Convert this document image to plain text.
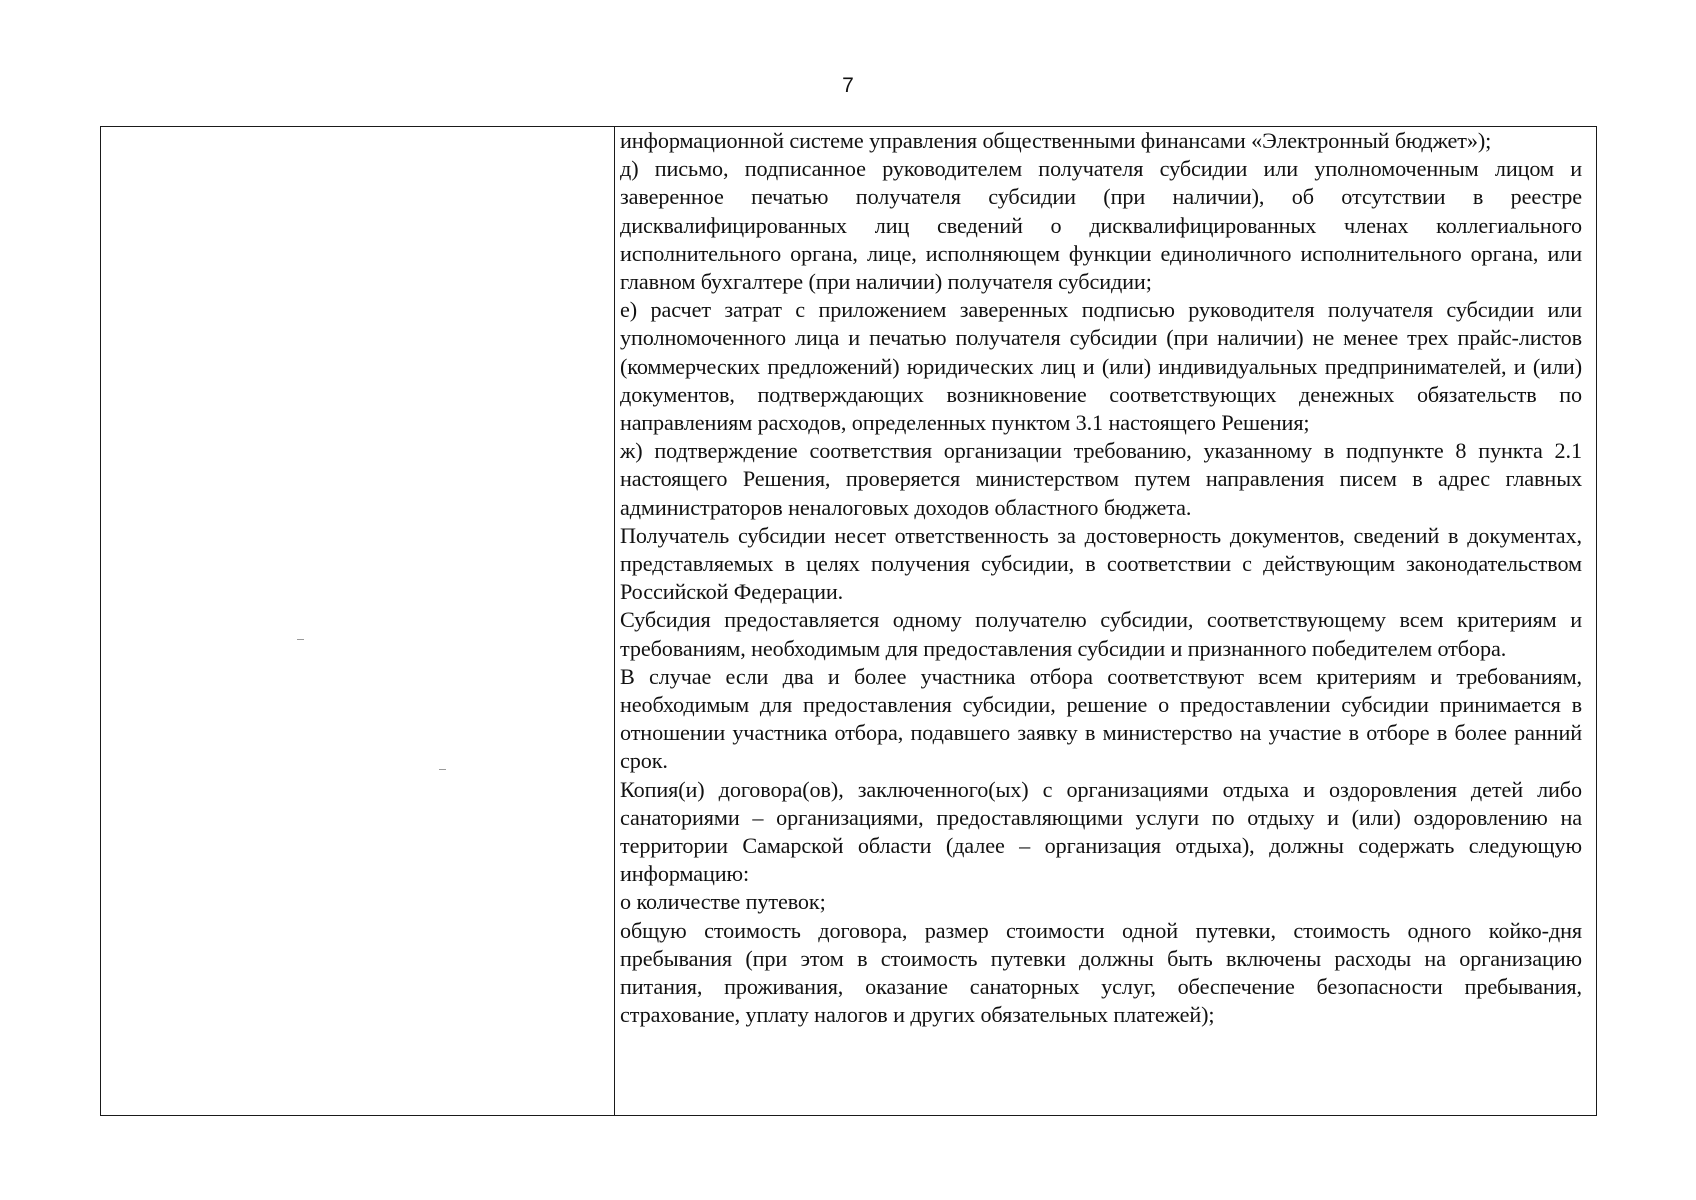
7

информационной системе управления общественными финансами «Электронный бюджет»);

д) письмо, подписанное руководителем получателя субсидии или уполномоченным лицом и заверенное печатью получателя субсидии (при наличии), об отсутствии в реестре дисквалифицированных лиц сведений о дисквалифицированных членах коллегиального исполнительного органа, лице, исполняющем функции единоличного исполнительного органа, или главном бухгалтере (при наличии) получателя субсидии;

е) расчет затрат с приложением заверенных подписью руководителя получателя субсидии или уполномоченного лица и печатью получателя субсидии (при наличии) не менее трех прайс-листов (коммерческих предложений) юридических лиц и (или) индивидуальных предпринимателей, и (или) документов, подтверждающих возникновение соответствующих денежных обязательств по направлениям расходов, определенных пунктом 3.1 настоящего Решения;

ж) подтверждение соответствия организации требованию, указанному в подпункте 8 пункта 2.1 настоящего Решения, проверяется министерством путем направления писем в адрес главных администраторов неналоговых доходов областного бюджета.

Получатель субсидии несет ответственность за достоверность документов, сведений в документах, представляемых в целях получения субсидии, в соответствии с действующим законодательством Российской Федерации.

Субсидия предоставляется одному получателю субсидии, соответствующему всем критериям и требованиям, необходимым для предоставления субсидии и признанного победителем отбора.

В случае если два и более участника отбора соответствуют всем критериям и требованиям, необходимым для предоставления субсидии, решение о предоставлении субсидии принимается в отношении участника отбора, подавшего заявку в министерство на участие в отборе в более ранний срок.

Копия(и) договора(ов), заключенного(ых) с организациями отдыха и оздоровления детей либо санаториями – организациями, предоставляющими услуги по отдыху и (или) оздоровлению на территории Самарской области (далее – организация отдыха), должны содержать следующую информацию:

о количестве путевок;

общую стоимость договора, размер стоимости одной путевки, стоимость одного койко-дня пребывания (при этом в стоимость путевки должны быть включены расходы на организацию питания, проживания, оказание санаторных услуг, обеспечение безопасности пребывания, страхование, уплату налогов и других обязательных платежей);
